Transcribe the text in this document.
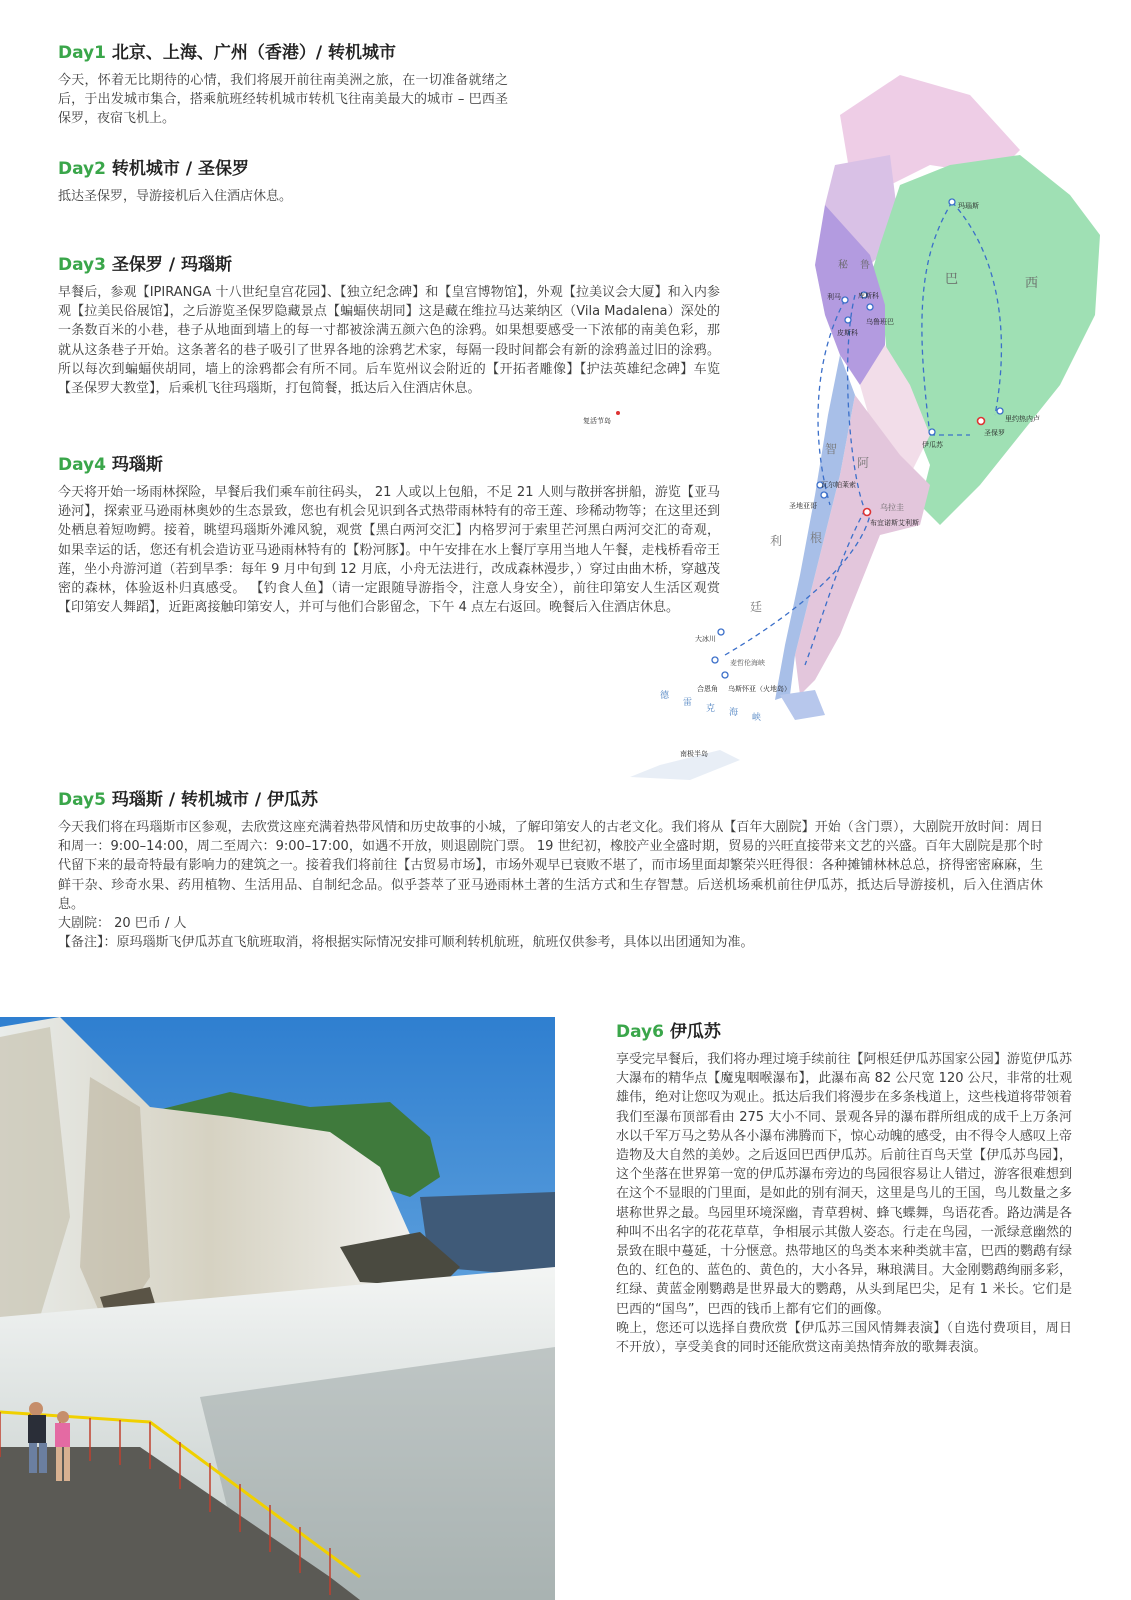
Day1 北京、上海、广州（香港）/ 转机城市

今天，怀着无比期待的心情，我们将展开前往南美洲之旅，在一切准备就绪之后，于出发城市集合，搭乘航班经转机城市转机飞往南美最大的城市 – 巴西圣保罗，夜宿飞机上。

Day2 转机城市 / 圣保罗

抵达圣保罗，导游接机后入住酒店休息。

Day3 圣保罗 / 玛瑙斯

早餐后，参观【IPIRANGA 十八世纪皇宫花园】、【独立纪念碑】和【皇宫博物馆】，外观【拉美议会大厦】和入内参观【拉美民俗展馆】，之后游览圣保罗隐藏景点【蝙蝠侠胡同】这是藏在维拉马达莱纳区（Vila Madalena）深处的一条数百米的小巷，巷子从地面到墙上的每一寸都被涂满五颜六色的涂鸦。如果想要感受一下浓郁的南美色彩，那就从这条巷子开始。这条著名的巷子吸引了世界各地的涂鸦艺术家，每隔一段时间都会有新的涂鸦盖过旧的涂鸦。所以每次到蝙蝠侠胡同，墙上的涂鸦都会有所不同。后车览州议会附近的【开拓者雕像】【护法英雄纪念碑】车览【圣保罗大教堂】，后乘机飞往玛瑙斯，打包简餐，抵达后入住酒店休息。

Day4 玛瑙斯

今天将开始一场雨林探险，早餐后我们乘车前往码头， 21 人或以上包船，不足 21 人则与散拼客拼船，游览【亚马逊河】，探索亚马逊雨林奥妙的生态景致，您也有机会见识到各式热带雨林特有的帝王莲、珍稀动物等；在这里还到处栖息着短吻鳄。接着，眺望玛瑙斯外滩风貌，观赏【黑白两河交汇】内格罗河于索里芒河黑白两河交汇的奇观，如果幸运的话，您还有机会造访亚马逊雨林特有的【粉河豚】。中午安排在水上餐厅享用当地人午餐，走栈桥看帝王莲，坐小舟游河道（若到旱季：每年 9 月中旬到 12 月底，小舟无法进行，改成森林漫步，）穿过由曲木桥，穿越茂密的森林，体验返朴归真感受。 【钓食人鱼】（请一定跟随导游指令，注意人身安全），前往印第安人生活区观赏【印第安人舞蹈】，近距离接触印第安人，并可与他们合影留念，下午 4 点左右返回。晚餐后入住酒店休息。

Day5 玛瑙斯 / 转机城市 / 伊瓜苏

今天我们将在玛瑙斯市区参观，去欣赏这座充满着热带风情和历史故事的小城，了解印第安人的古老文化。我们将从【百年大剧院】开始（含门票），大剧院开放时间：周日和周一：9:00–14:00，周二至周六：9:00–17:00，如遇不开放，则退剧院门票。 19 世纪初，橡胶产业全盛时期，贸易的兴旺直接带来文艺的兴盛。百年大剧院是那个时代留下来的最奇特最有影响力的建筑之一。接着我们将前往【古贸易市场】，市场外观早已衰败不堪了，而市场里面却繁荣兴旺得很：各种摊铺林林总总，挤得密密麻麻，生鲜干杂、珍奇水果、药用植物、生活用品、自制纪念品。似乎荟萃了亚马逊雨林土著的生活方式和生存智慧。后送机场乘机前往伊瓜苏，抵达后导游接机，后入住酒店休息。

大剧院： 20 巴币 / 人

【备注】：原玛瑙斯飞伊瓜苏直飞航班取消，将根据实际情况安排可顺利转机航班，航班仅供参考，具体以出团通知为准。

Day6 伊瓜苏

享受完早餐后，我们将办理过境手续前往【阿根廷伊瓜苏国家公园】游览伊瓜苏大瀑布的精华点【魔鬼咽喉瀑布】，此瀑布高 82 公尺宽 120 公尺，非常的壮观雄伟，绝对让您叹为观止。抵达后我们将漫步在多条栈道上，这些栈道将带领着我们至瀑布顶部看由 275 大小不同、景观各异的瀑布群所组成的成千上万条河水以千军万马之势从各小瀑布沸腾而下，惊心动魄的感受，由不得令人感叹上帝造物及大自然的美妙。之后返回巴西伊瓜苏。后前往百鸟天堂【伊瓜苏鸟园】，这个坐落在世界第一宽的伊瓜苏瀑布旁边的鸟园很容易让人错过，游客很难想到在这个不显眼的门里面，是如此的别有洞天，这里是鸟儿的王国，鸟儿数量之多堪称世界之最。鸟园里环境深幽，青草碧树、蜂飞蝶舞，鸟语花香。路边满是各种叫不出名字的花花草草，争相展示其傲人姿态。行走在鸟园，一派绿意幽然的景致在眼中蔓延，十分惬意。热带地区的鸟类本来种类就丰富，巴西的鹦鹉有绿色的、红色的、蓝色的、黄色的，大小各异，琳琅满目。大金刚鹦鹉绚丽多彩，红绿、黄蓝金刚鹦鹉是世界最大的鹦鹉，从头到尾巴尖，足有 1 米长。它们是巴西的“国鸟”，巴西的钱币上都有它们的画像。

晚上，您还可以选择自费欣赏【伊瓜苏三国风情舞表演】（自选付费项目，周日不开放），享受美食的同时还能欣赏这南美热情奔放的歌舞表演。

巴	西
秘 鲁
智
利
阿
根
廷
乌拉圭
麦哲伦海峡
德
雷
克 海 峡
玛瑙斯
利马 库斯科
乌鲁班巴
皮斯科
复活节岛	里约热内卢
圣保罗
伊瓜苏
瓦尔帕莱索
圣地亚哥
布宜诺斯艾利斯
大冰川
合恩角 乌斯怀亚（火地岛）
南极半岛
